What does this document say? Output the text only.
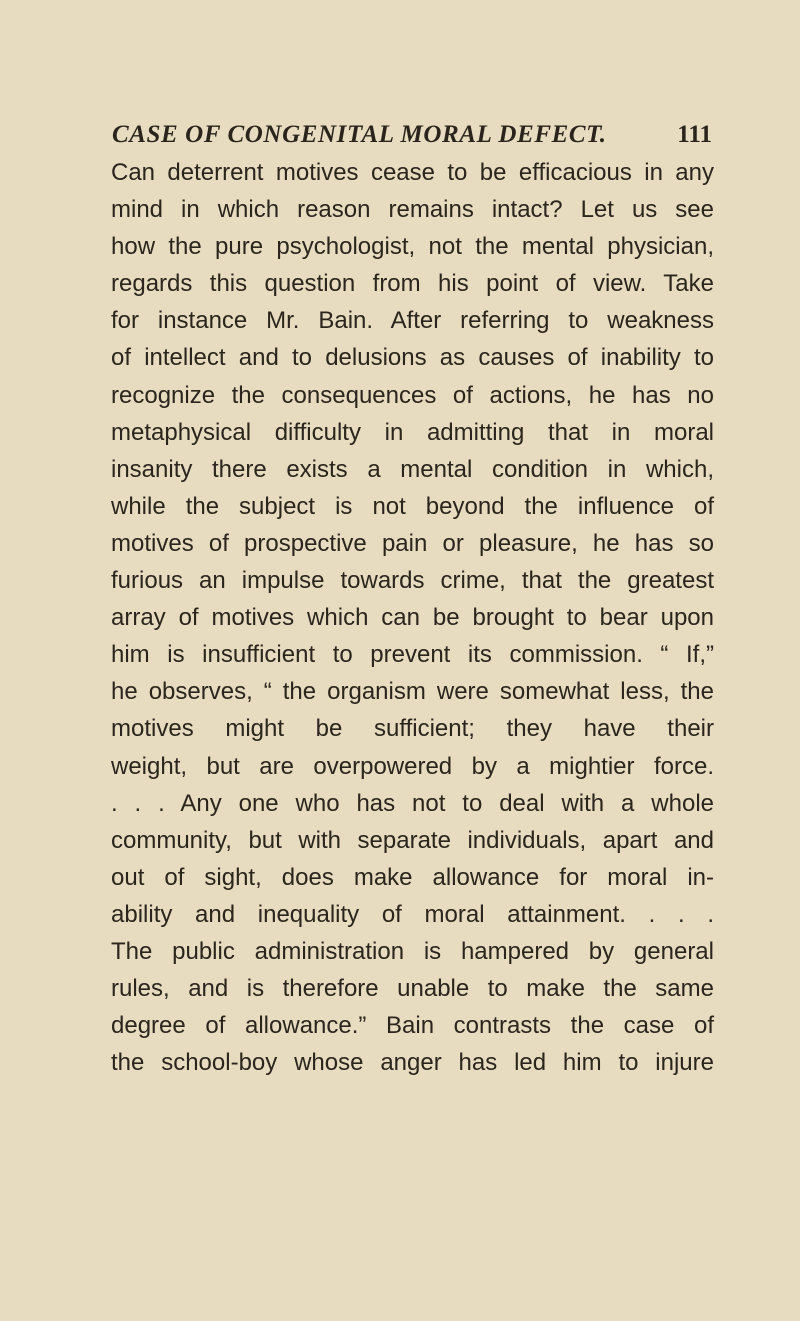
CASE OF CONGENITAL MORAL DEFECT.	111
Can deterrent motives cease to be efficacious in any
mind in which reason remains intact? Let us see
how the pure psychologist, not the mental physician,
regards this question from his point of view. Take
for instance Mr. Bain. After referring to weakness
of intellect and to delusions as causes of inability to
recognize the consequences of actions, he has no
metaphysical difficulty in admitting that in moral
insanity there exists a mental condition in which,
while the subject is not beyond the influence of
motives of prospective pain or pleasure, he has so
furious an impulse towards crime, that the greatest
array of motives which can be brought to bear upon
him is insufficient to prevent its commission. “ If,”
he observes, “ the organism were somewhat less, the
motives might be sufficient; they have their
weight, but are overpowered by a mightier force.
. . . Any one who has not to deal with a whole
community, but with separate individuals, apart and
out of sight, does make allowance for moral in-
ability and inequality of moral attainment. . . .
The public administration is hampered by general
rules, and is therefore unable to make the same
degree of allowance.” Bain contrasts the case of
the school-boy whose anger has led him to injure
